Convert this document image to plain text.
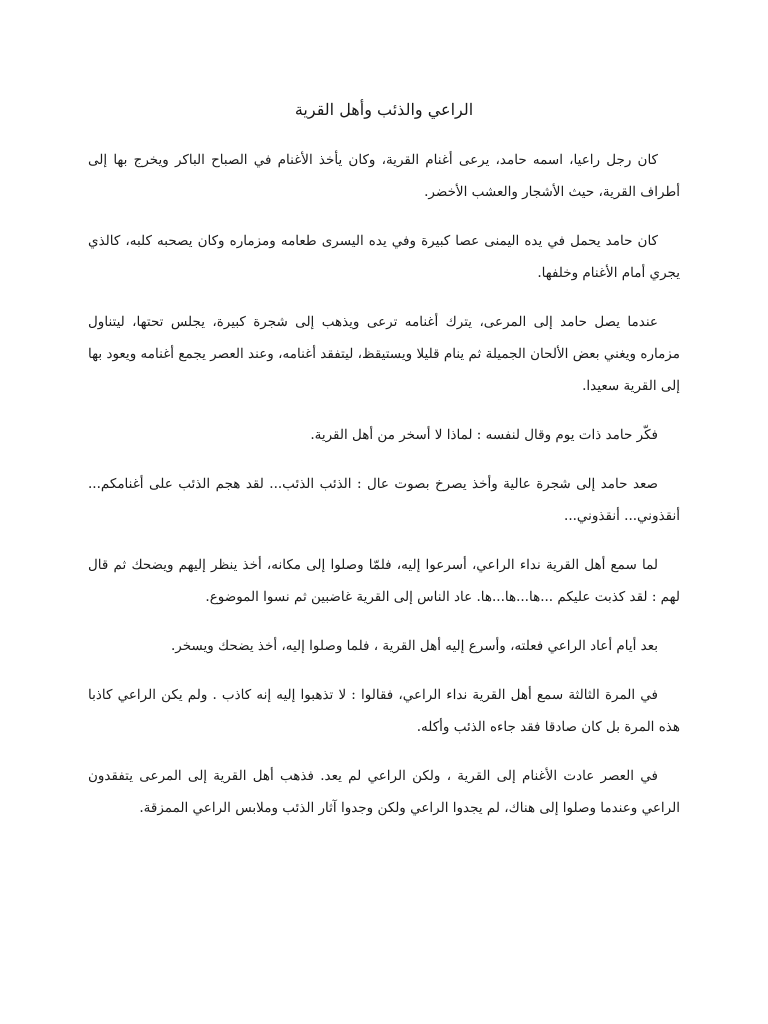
الراعي والذئب وأهل القرية

كان رجل راعيا، اسمه حامد، يرعى أغنام القرية، وكان يأخذ الأغنام في الصباح الباكر ويخرج بها إلى أطراف القرية، حيث الأشجار والعشب الأخضر.

كان حامد يحمل في يده اليمنى عصا كبيرة وفي يده اليسرى طعامه ومزماره وكان يصحبه كلبه، كالذي يجري أمام الأغنام وخلفها.

عندما يصل حامد إلى المرعى، يترك أغنامه ترعى ويذهب إلى شجرة كبيرة، يجلس تحتها، ليتناول مزماره ويغني بعض الألحان الجميلة ثم ينام قليلا ويستيقظ، ليتفقد أغنامه، وعند العصر يجمع أغنامه ويعود بها إلى القرية سعيدا.

فكّر حامد ذات يوم وقال لنفسه : لماذا لا أسخر من أهل القرية.

صعد حامد إلى شجرة عالية وأخذ يصرخ بصوت عال : الذئب الذئب... لقد هجم الذئب على أغنامكم... أنقذوني... أنقذوني...

لما سمع أهل القرية نداء الراعي، أسرعوا إليه، فلمّا وصلوا إلى مكانه، أخذ ينظر إليهم ويضحك ثم قال لهم : لقد كذبت عليكم ...ها...ها...ها. عاد الناس إلى القرية غاضبين ثم نسوا الموضوع.

بعد أيام أعاد الراعي فعلته، وأسرع إليه أهل القرية ، فلما وصلوا إليه، أخذ يضحك ويسخر.

في المرة الثالثة سمع أهل القرية نداء الراعي، فقالوا : لا تذهبوا إليه إنه كاذب . ولم يكن الراعي كاذبا هذه المرة بل كان صادقا فقد جاءه الذئب وأكله.

في العصر عادت الأغنام إلى القرية ، ولكن الراعي لم يعد. فذهب أهل القرية إلى المرعى يتفقدون الراعي وعندما وصلوا إلى هناك، لم يجدوا الراعي ولكن وجدوا آثار الذئب وملابس الراعي الممزقة.
